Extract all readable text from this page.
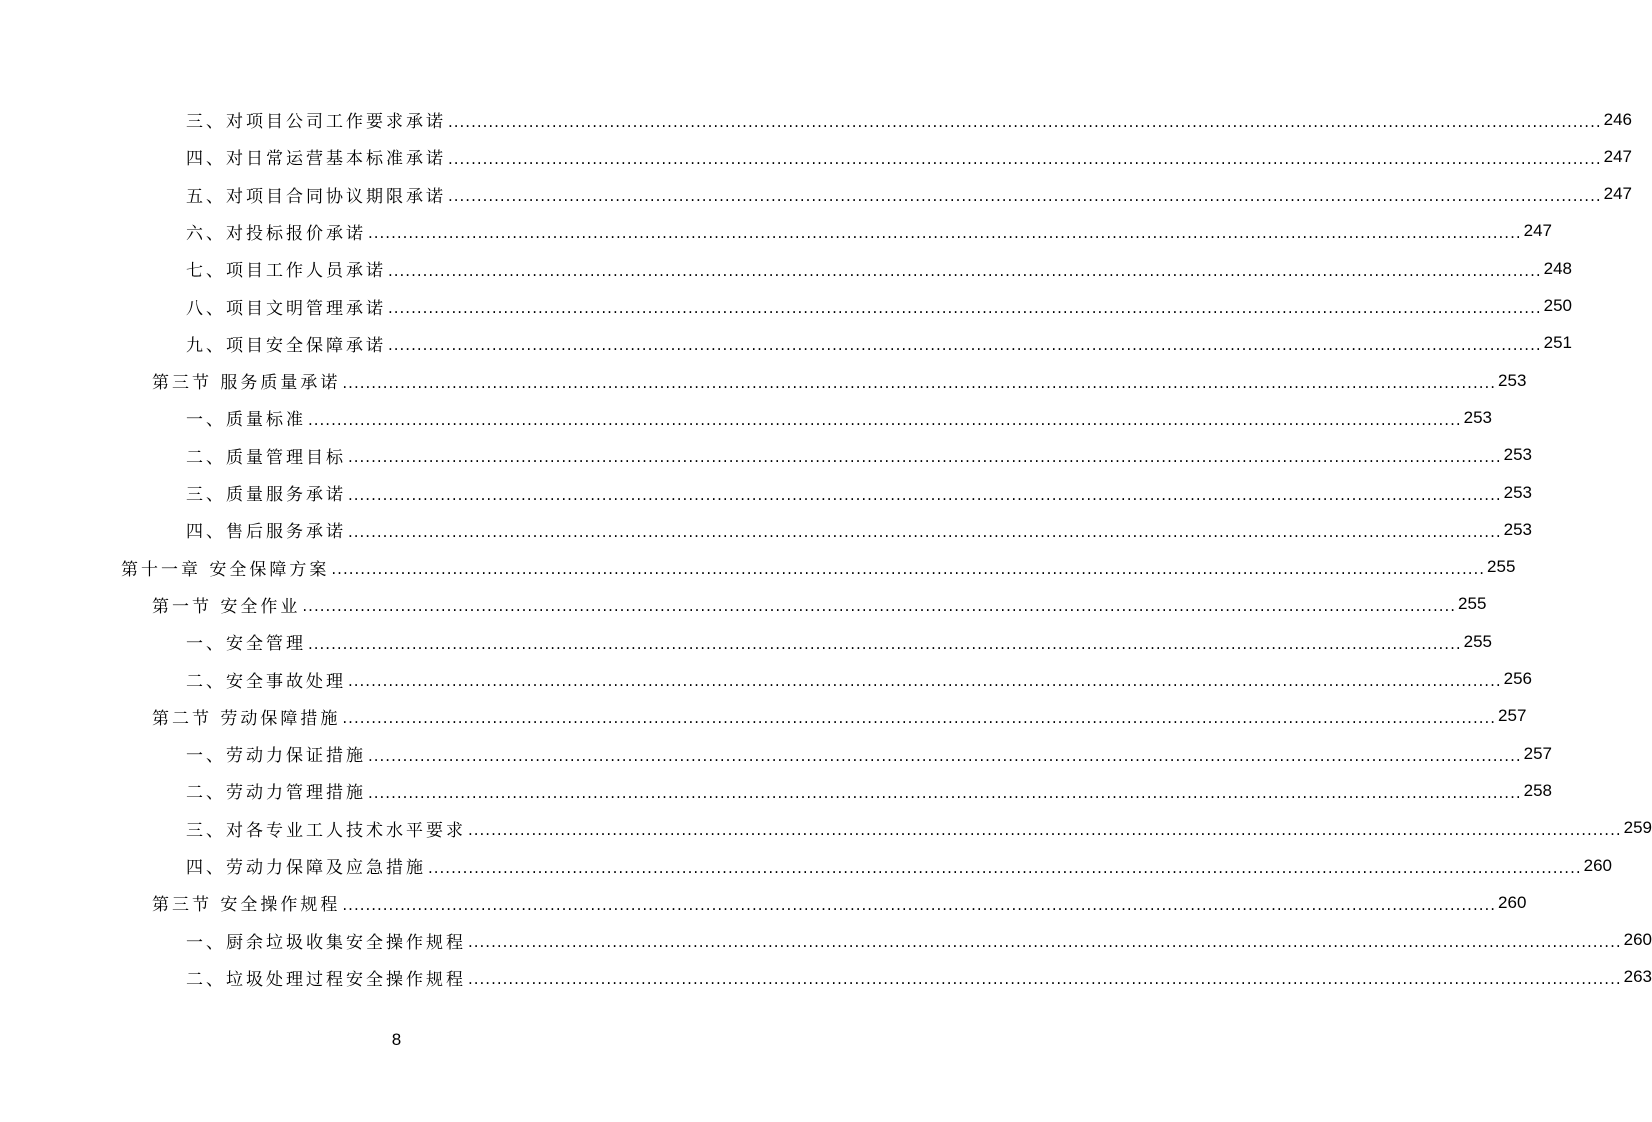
三、对项目公司工作要求承诺 ........................................................................................................................................................................................................ 246
四、对日常运营基本标准承诺 ........................................................................................................................................................................................................ 247
五、对项目合同协议期限承诺 ........................................................................................................................................................................................................ 247
六、对投标报价承诺 ........................................................................................................................................................................................................ 247
七、项目工作人员承诺 ........................................................................................................................................................................................................ 248
八、项目文明管理承诺 ........................................................................................................................................................................................................ 250
九、项目安全保障承诺 ........................................................................................................................................................................................................ 251
第三节 服务质量承诺 ........................................................................................................................................................................................................ 253
一、质量标准 ........................................................................................................................................................................................................ 253
二、质量管理目标 ........................................................................................................................................................................................................ 253
三、质量服务承诺 ........................................................................................................................................................................................................ 253
四、售后服务承诺 ........................................................................................................................................................................................................ 253
第十一章 安全保障方案 ........................................................................................................................................................................................................ 255
第一节 安全作业 ........................................................................................................................................................................................................ 255
一、安全管理 ........................................................................................................................................................................................................ 255
二、安全事故处理 ........................................................................................................................................................................................................ 256
第二节 劳动保障措施 ........................................................................................................................................................................................................ 257
一、劳动力保证措施 ........................................................................................................................................................................................................ 257
二、劳动力管理措施 ........................................................................................................................................................................................................ 258
三、对各专业工人技术水平要求 ........................................................................................................................................................................................................ 259
四、劳动力保障及应急措施 ........................................................................................................................................................................................................ 260
第三节 安全操作规程 ........................................................................................................................................................................................................ 260
一、厨余垃圾收集安全操作规程 ........................................................................................................................................................................................................ 260
二、垃圾处理过程安全操作规程 ........................................................................................................................................................................................................ 263
8
